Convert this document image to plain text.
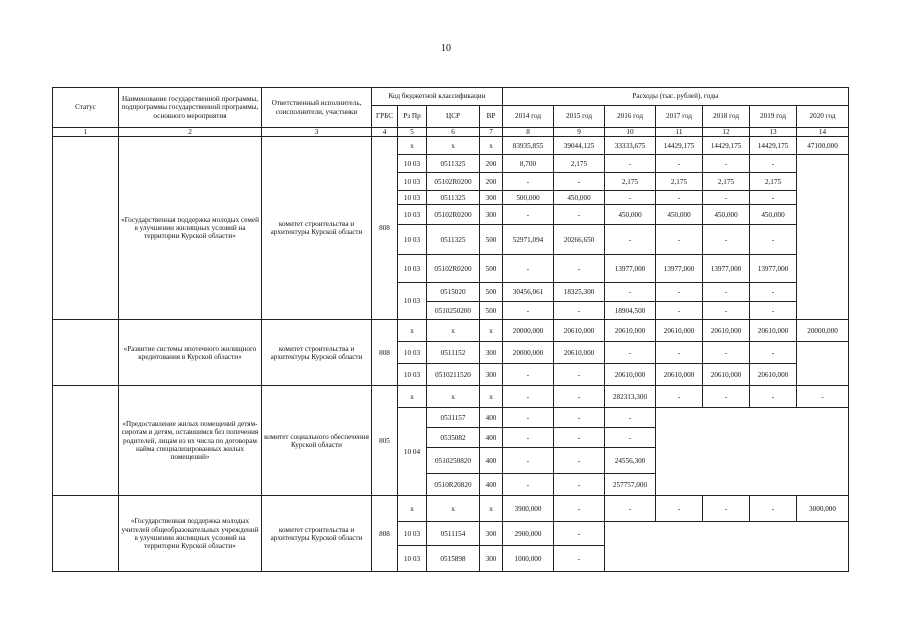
10
Статус	Наименование государственной программы, подпрограммы государственной программы, основного мероприятия	Ответственный исполнитель, соисполнители, участники	Код бюджетной классификации				Расходы (тыс. рублей), годы						
			ГРБС	Рз Пр	ЦСР	ВР	2014 год	2015 год	2016 год	2017 год	2018 год	2019 год	2020 год
1	2	3	4	5	6	7	8	9	10	11	12	13	14
	«Государственная поддержка молодых семей в улучшении жилищных условий на территории Курской области»	комитет строительства и архитектуры Курской области	808	х	х	х	83935,855	39044,125	33333,675	14429,175	14429,175	14429,175	47100,000
				10 03	0511325	200	8,700	2,175	-	-	-	-	
				10 03	05102R0200	200	-	-	2,175	2,175	2,175	2,175	
				10 03	0511325	300	500,000	450,000	-	-	-	-	
				10 03	05102R0200	300	-	-	450,000	450,000	450,000	450,000	
				10 03	0511325	500	52971,094	20266,650	-	-	-	-	
				10 03	05102R0200	500	-	-	13977,000	13977,000	13977,000	13977,000	
				10 03	0515020	500	30456,061	18325,300	-	-	-	-	
					0510250200	500	-	-	18904,500	-	-	-	
	«Развитие системы ипотечного жилищного кредитования в Курской области»	комитет строительства и архитектуры Курской области	808	х	х	х	20000,000	20610,000	20610,000	20610,000	20610,000	20610,000	20000,000
				10 03	0511152	300	20000,000	20610,000	-	-	-	-	
				10 03	0510211520	300	-	-	20610,000	20610,000	20610,000	20610,000	
	«Предоставление жилых помещений детям-сиротам и детям, оставшимся без попечения родителей, лицам из их числа по договорам найма специализированных жилых помещений»	комитет социального обеспечения Курской области	805	х	х	х	-	-	282313,300	-	-	-	-
				10 04	0531157	400	-	-	-				
					0535082	400	-	-	-				
					0510250820	400	-	-	24556,300				
					0510R20820	400	-	-	257757,000				
	«Государственная поддержка молодых учителей общеобразовательных учреждений в улучшении жилищных условий на территории Курской области»	комитет строительства и архитектуры Курской области	808	х	х	х	3900,000	-	-	-	-	-	3000,000
				10 03	0511154	300	2900,000	-					
				10 03	0515898	300	1000,000	-					
